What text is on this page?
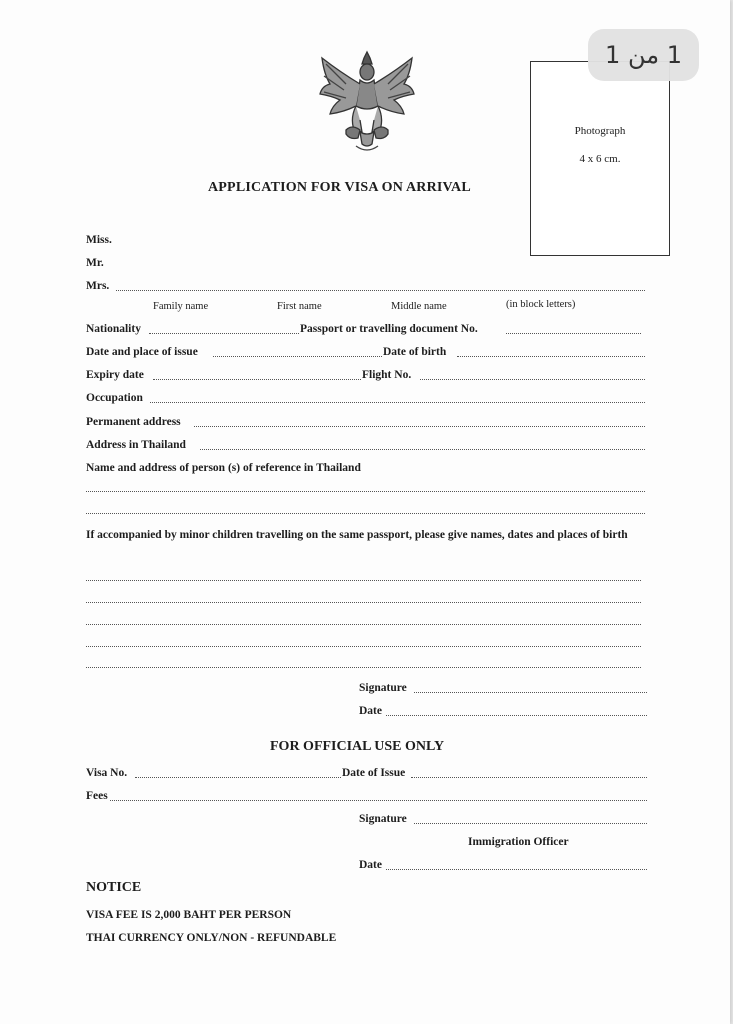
Photograph
4 x 6 cm.
APPLICATION FOR VISA ON ARRIVAL
Miss.
Mr.
Mrs.
Family name	First name	Middle name	(in block letters)
Nationality	Passport or travelling document No.
Date and place of issue	Date of birth
Expiry date	Flight No.
Occupation
Permanent address
Address in Thailand
Name and address of person (s) of reference in Thailand
If accompanied by minor children travelling on the same passport, please give names, dates and places of birth
Signature
Date
FOR OFFICIAL USE ONLY
Visa No.	Date of Issue
Fees
Signature
Immigration Officer
Date
NOTICE
VISA FEE IS 2,000 BAHT PER PERSON
THAI CURRENCY ONLY/NON - REFUNDABLE
1 من 1
